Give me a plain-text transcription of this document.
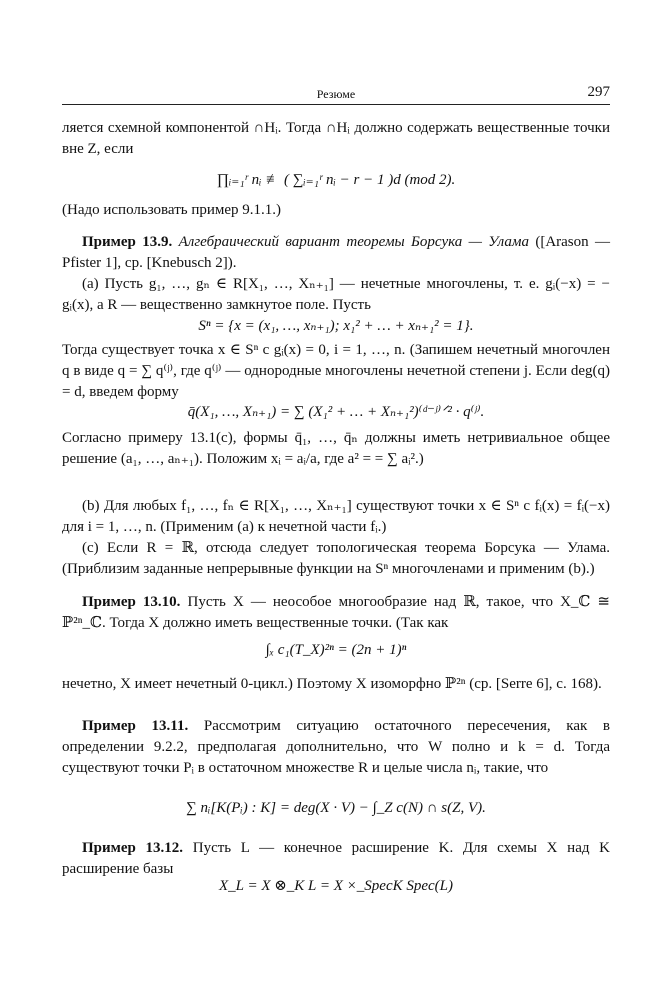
Резюме	297

ляется схемной компонентой ∩Hᵢ. Тогда ∩Hᵢ должно содержать вещественные точки вне Z, если

∏ᵢ₌₁ʳ nᵢ ≢ ( ∑ᵢ₌₁ʳ nᵢ − r − 1 )d (mod 2).

(Надо использовать пример 9.1.1.)

Пример 13.9. Алгебраический вариант теоремы Борсука — Улама ([Arason — Pfister 1], ср. [Knebusch 2]).

(а) Пусть g₁, …, gₙ ∈ R[X₁, …, Xₙ₊₁] — нечетные многочлены, т. е. gᵢ(−x) = − gᵢ(x), а R — вещественно замкнутое поле. Пусть

Sⁿ = {x = (x₁, …, xₙ₊₁); x₁² + … + xₙ₊₁² = 1}.

Тогда существует точка x ∈ Sⁿ с gᵢ(x) = 0, i = 1, …, n. (Запишем нечетный многочлен q в виде q = ∑ q⁽ʲ⁾, где q⁽ʲ⁾ — однородные многочлены нечетной степени j. Если deg(q) = d, введем форму

q̄(X₁, …, Xₙ₊₁) = ∑ (X₁² + … + Xₙ₊₁²)⁽ᵈ⁻ʲ⁾ᐟ² · q⁽ʲ⁾.

Согласно примеру 13.1(с), формы q̄₁, …, q̄ₙ должны иметь нетривиальное общее решение (a₁, …, aₙ₊₁). Положим xᵢ = aᵢ/a, где a² = = ∑ aᵢ².)

(b) Для любых f₁, …, fₙ ∈ R[X₁, …, Xₙ₊₁] существуют точки x ∈ Sⁿ с fᵢ(x) = fᵢ(−x) для i = 1, …, n. (Применим (а) к нечетной части fᵢ.)

(с) Если R = ℝ, отсюда следует топологическая теорема Борсука — Улама. (Приблизим заданные непрерывные функции на Sⁿ многочленами и применим (b).)

Пример 13.10. Пусть X — неособое многообразие над ℝ, такое, что X_ℂ ≅ ℙ²ⁿ_ℂ. Тогда X должно иметь вещественные точки. (Так как
∫ₓ c₁(T_X)²ⁿ = (2n + 1)ⁿ

нечетно, X имеет нечетный 0-цикл.) Поэтому X изоморфно ℙ²ⁿ (ср. [Serre 6], с. 168).

Пример 13.11. Рассмотрим ситуацию остаточного пересечения, как в определении 9.2.2, предполагая дополнительно, что W полно и k = d. Тогда существуют точки Pᵢ в остаточном множестве R и целые числа nᵢ, такие, что
∑ nᵢ[K(Pᵢ) : K] = deg(X · V) − ∫_Z c(N) ∩ s(Z, V).
Пример 13.12. Пусть L — конечное расширение K. Для схемы X над K расширение базы
X_L = X ⊗_K L = X ×_SpecK Spec(L)
